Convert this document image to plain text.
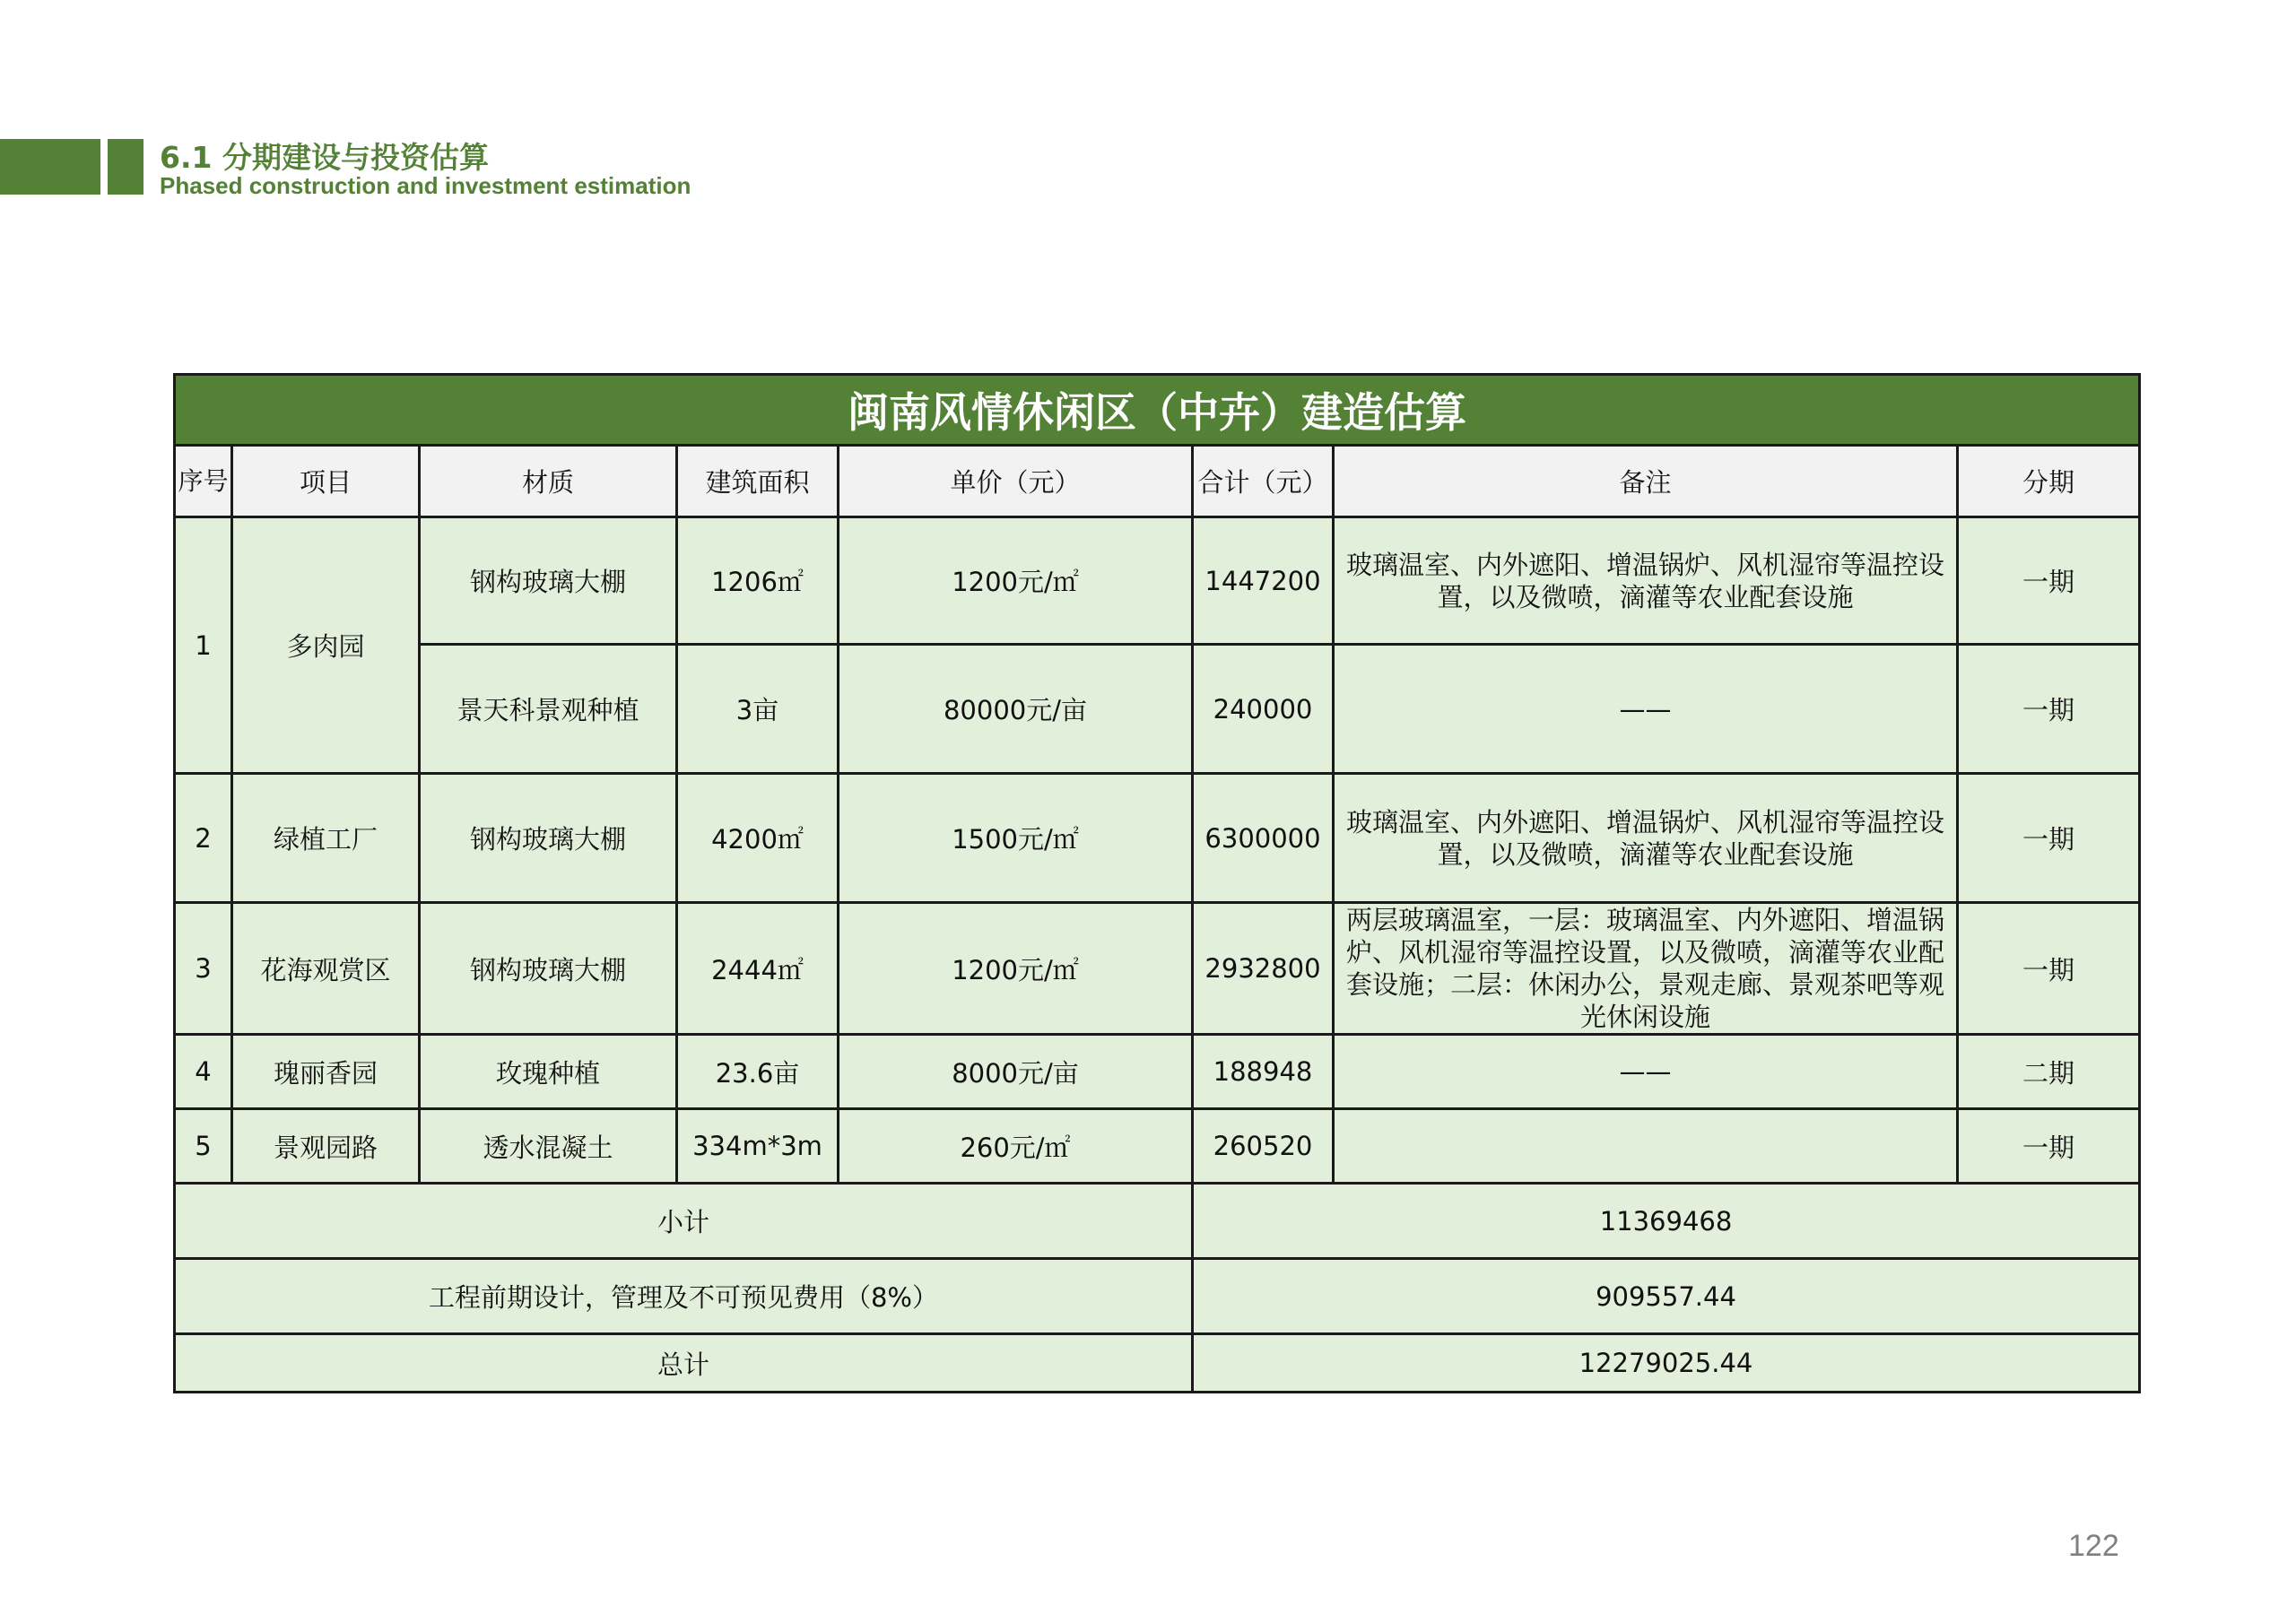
6.1 分期建设与投资估算
Phased construction and investment estimation
闽南风情休闲区（中卉）建造估算							
序号	项目	材质	建筑面积	单价（元）	合计（元）	备注	分期
1	多肉园	钢构玻璃大棚	1206㎡	1200元/㎡	1447200	玻璃温室、内外遮阳、增温锅炉、风机湿帘等温控设置，以及微喷，滴灌等农业配套设施	一期
		景天科景观种植	3亩	80000元/亩	240000	——	一期
2	绿植工厂	钢构玻璃大棚	4200㎡	1500元/㎡	6300000	玻璃温室、内外遮阳、增温锅炉、风机湿帘等温控设置，以及微喷，滴灌等农业配套设施	一期
3	花海观赏区	钢构玻璃大棚	2444㎡	1200元/㎡	2932800	两层玻璃温室，一层：玻璃温室、内外遮阳、增温锅炉、风机湿帘等温控设置，以及微喷，滴灌等农业配套设施；二层：休闲办公，景观走廊、景观茶吧等观光休闲设施	一期
4	瑰丽香园	玫瑰种植	23.6亩	8000元/亩	188948	——	二期
5	景观园路	透水混凝土	334m*3m	260元/㎡	260520		一期
小计					11369468		
工程前期设计，管理及不可预见费用（8%）					909557.44		
总计					12279025.44		
122
